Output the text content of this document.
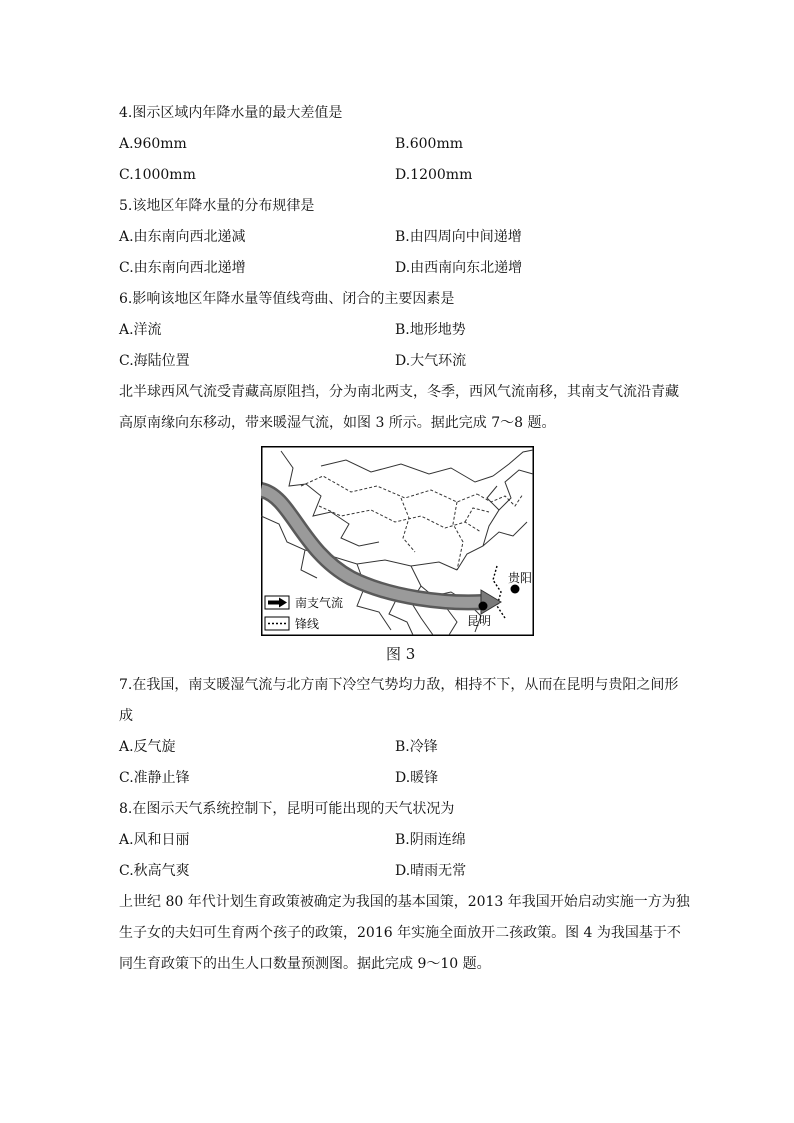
4.图示区域内年降水量的最大差值是
A.960mm	B.600mm
C.1000mm	D.1200mm
5.该地区年降水量的分布规律是
A.由东南向西北递减	B.由四周向中间递增
C.由东南向西北递增	D.由西南向东北递增
6.影响该地区年降水量等值线弯曲、闭合的主要因素是
A.洋流	B.地形地势
C.海陆位置	D.大气环流
北半球西风气流受青藏高原阻挡，分为南北两支，冬季，西风气流南移，其南支气流沿青藏
高原南缘向东移动，带来暖湿气流，如图 3 所示。据此完成 7～8 题。
贵阳
昆明
南支气流
锋线
图 3
7.在我国，南支暖湿气流与北方南下冷空气势均力敌，相持不下，从而在昆明与贵阳之间形
成
A.反气旋	B.冷锋
C.准静止锋	D.暖锋
8.在图示天气系统控制下，昆明可能出现的天气状况为
A.风和日丽	B.阴雨连绵
C.秋高气爽	D.晴雨无常
上世纪 80 年代计划生育政策被确定为我国的基本国策，2013 年我国开始启动实施一方为独
生子女的夫妇可生育两个孩子的政策，2016 年实施全面放开二孩政策。图 4 为我国基于不
同生育政策下的出生人口数量预测图。据此完成 9～10 题。
